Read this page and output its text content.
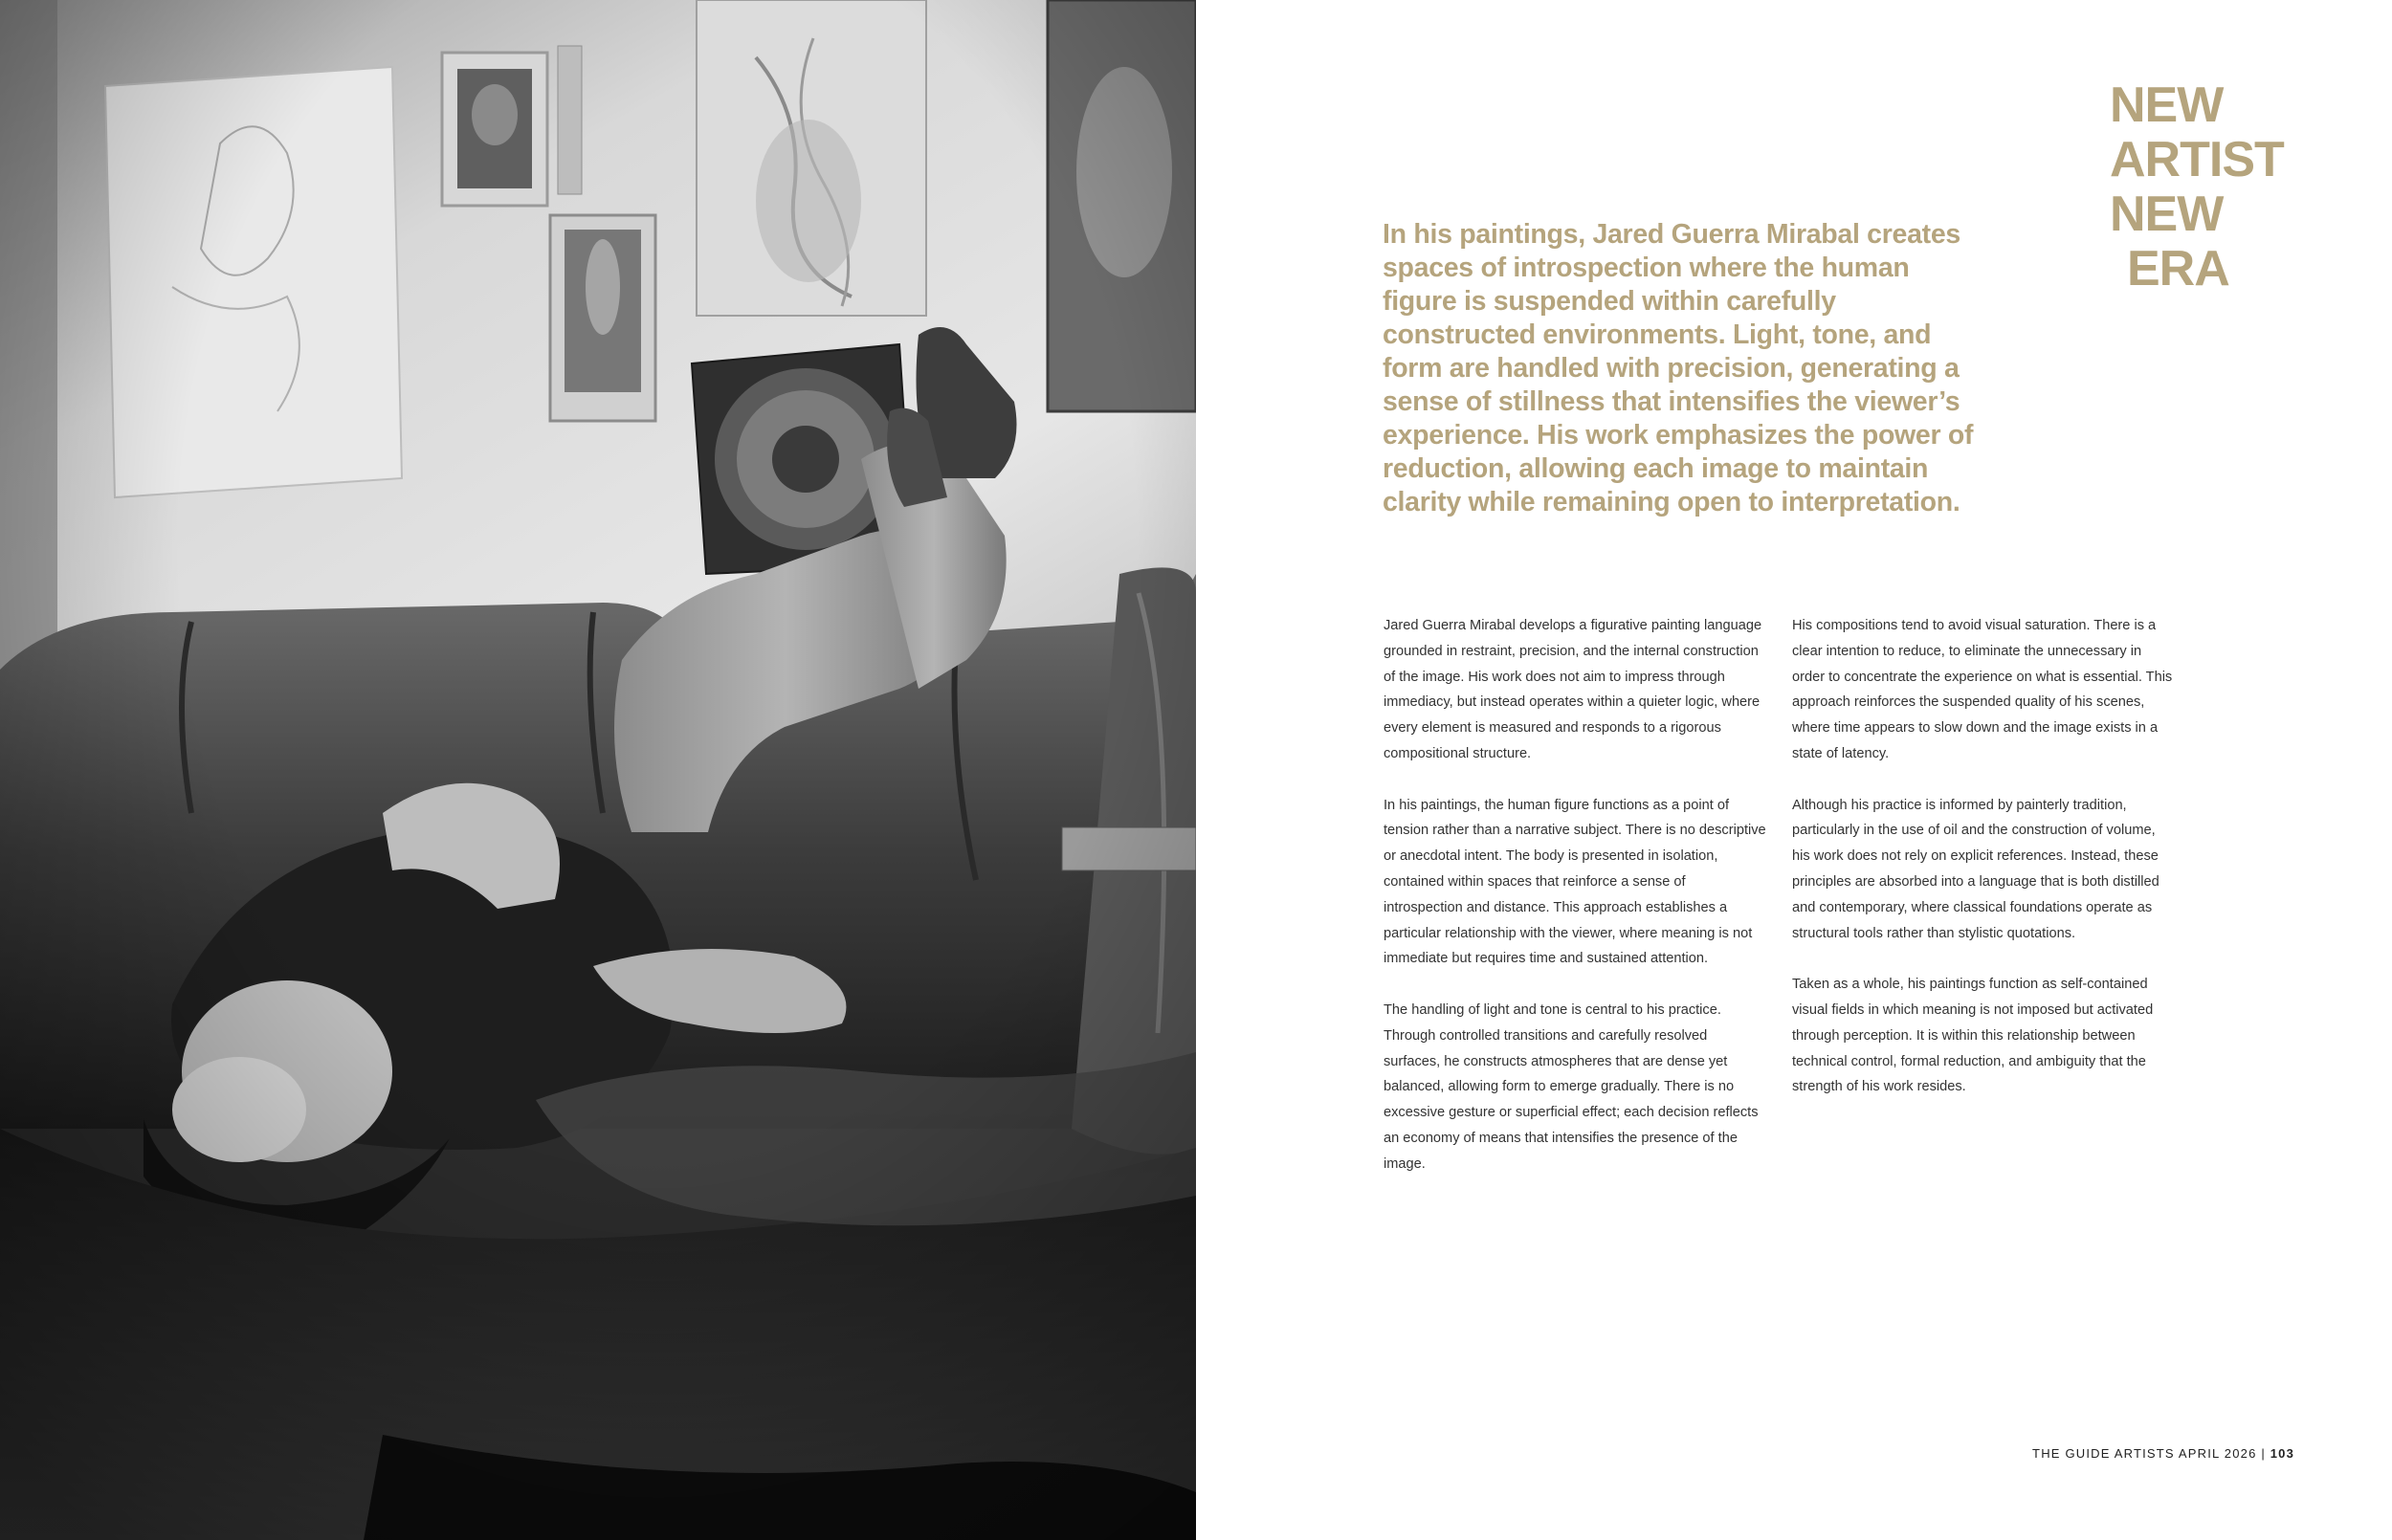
NEW
ARTIST
NEW
ERA

In his paintings, Jared Guerra Mirabal creates spaces of introspection where the human figure is suspended within carefully constructed environments. Light, tone, and form are handled with precision, generating a sense of stillness that intensifies the viewer’s experience. His work emphasizes the power of reduction, allowing each image to maintain clarity while remaining open to interpretation.

Jared Guerra Mirabal develops a figurative painting language grounded in restraint, precision, and the internal construction of the image. His work does not aim to impress through immediacy, but instead operates within a quieter logic, where every element is measured and responds to a rigorous compositional structure.

In his paintings, the human figure functions as a point of tension rather than a narrative subject. There is no descriptive or anecdotal intent. The body is presented in isolation, contained within spaces that reinforce a sense of introspection and distance. This approach establishes a particular relationship with the viewer, where meaning is not immediate but requires time and sustained attention.

The handling of light and tone is central to his practice. Through controlled transitions and carefully resolved surfaces, he constructs atmospheres that are dense yet balanced, allowing form to emerge gradually. There is no excessive gesture or superficial effect; each decision reflects an economy of means that intensifies the presence of the image.

His compositions tend to avoid visual saturation. There is a clear intention to reduce, to eliminate the unnecessary in order to concentrate the experience on what is essential. This approach reinforces the suspended quality of his scenes, where time appears to slow down and the image exists in a state of latency.

Although his practice is informed by painterly tradition, particularly in the use of oil and the construction of volume, his work does not rely on explicit references. Instead, these principles are absorbed into a language that is both distilled and contemporary, where classical foundations operate as structural tools rather than stylistic quotations.

Taken as a whole, his paintings function as self-contained visual fields in which meaning is not imposed but activated through perception. It is within this relationship between technical control, formal reduction, and ambiguity that the strength of his work resides.

THE GUIDE ARTISTS APRIL 2026 | 103
